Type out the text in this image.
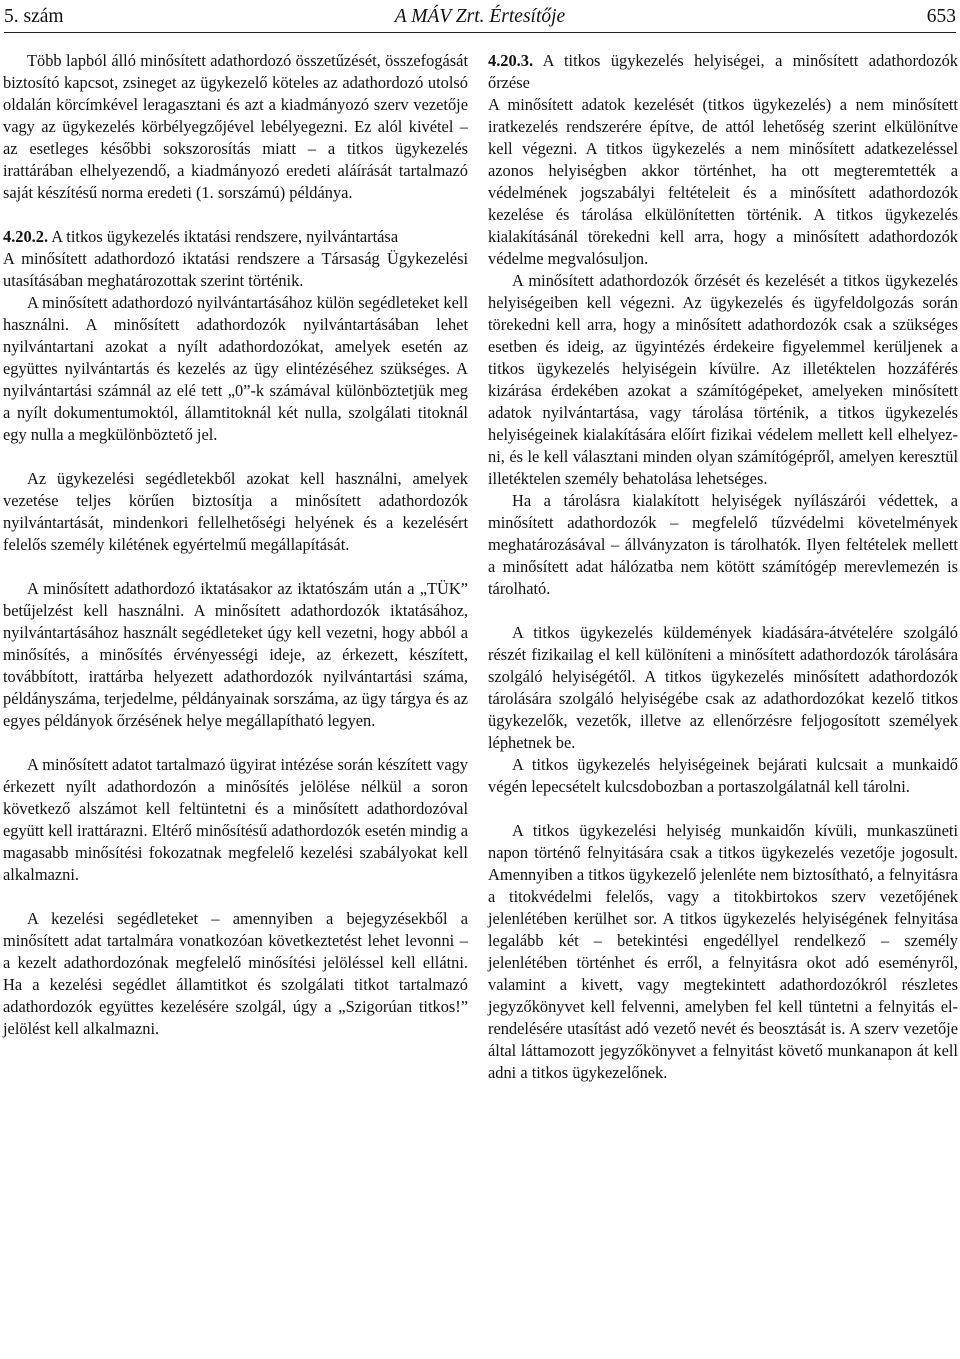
5. szám	A MÁV Zrt. Értesítője	653

Több lapból álló minősített adathordozó összetűzését, összefogását biztosító kapcsot, zsineget az ügykezelő köteles az adathordozó utolsó oldalán körcímkével leragasztani és azt a kiadmányozó szerv vezetője vagy az ügykezelés körbélyegzőjével lebélyegezni. Ez alól kivétel – az esetleges későbbi sokszorosítás miatt – a titkos ügykezelés irattárában elhelyezendő, a kiadmányozó eredeti aláírását tartalmazó saját készítésű norma eredeti (1. sorszámú) példánya.

4.20.2. A titkos ügykezelés iktatási rendszere, nyilvántartása

A minősített adathordozó iktatási rendszere a Társaság Ügykezelési utasításában meghatározottak szerint történik.

A minősített adathordozó nyilvántartásához külön segédleteket kell használni. A minősített adathordozók nyilvántartásában lehet nyilvántartani azokat a nyílt adathordozókat, amelyek esetén az együttes nyilvántartás és kezelés az ügy elintézéséhez szükséges. A nyilvántartási számnál az elé tett „0”-k számával különböztetjük meg a nyílt dokumentumoktól, államtitoknál két nulla, szolgálati titoknál egy nulla a megkülönböztető jel.

Az ügykezelési segédletekből azokat kell használni, amelyek vezetése teljes körűen biztosítja a minősített adathordozók nyilvántartását, mindenkori fellelhetőségi helyének és a kezelésért felelős személy kilétének egyértelmű megállapítását.

A minősített adathordozó iktatásakor az iktatószám után a „TÜK” betűjelzést kell használni. A minősített adathordozók iktatásához, nyilvántartásához használt segédleteket úgy kell vezetni, hogy abból a minősítés, a minősítés érvényességi ideje, az érkezett, készített, továbbított, irattárba helyezett adathordozók nyilvántartási száma, példányszáma, terjedelme, példányainak sorszáma, az ügy tárgya és az egyes példányok őrzésének helye megállapítható legyen.

A minősített adatot tartalmazó ügyirat intézése során készített vagy érkezett nyílt adathordozón a minősítés jelölése nélkül a soron következő alszámot kell feltüntetni és a minősített adathordozóval együtt kell irattárazni. Eltérő minősítésű adathordozók esetén mindig a magasabb minősítési fokozatnak megfelelő kezelési szabályokat kell alkalmazni.

A kezelési segédleteket – amennyiben a bejegyzésekből a minősített adat tartalmára vonatkozóan következtetést lehet levonni – a kezelt adathordozónak megfelelő minősítési jelöléssel kell ellátni. Ha a kezelési segédlet államtitkot és szolgálati titkot tartalmazó adathordozók együttes kezelésére szolgál, úgy a „Szigorúan titkos!” jelölést kell alkalmazni.

4.20.3. A titkos ügykezelés helyiségei, a minősített adathordozók őrzése

A minősített adatok kezelését (titkos ügykezelés) a nem minősített iratkezelés rendszerére építve, de attól lehetőség szerint elkülönítve kell végezni. A titkos ügykezelés a nem minősített adatkezeléssel azonos helyiségben akkor történhet, ha ott megteremtették a védelmének jogszabályi feltételeit és a minősített adathordozók kezelése és tárolása elkülönítetten történik. A titkos ügykezelés kialakításánál törekedni kell arra, hogy a minősített adathordozók védelme megvalósuljon.

A minősített adathordozók őrzését és kezelését a titkos ügykezelés helyiségeiben kell végezni. Az ügykezelés és ügyfeldolgozás során törekedni kell arra, hogy a minősített adathordozók csak a szükséges esetben és ideig, az ügyintézés érdekeire figyelemmel kerüljenek a titkos ügykezelés helyiségein kívülre. Az illetéktelen hozzáférés kizárása érdekében azokat a számítógépeket, amelyeken minősített adatok nyilvántartása, vagy tárolása történik, a titkos ügykezelés helyiségeinek kialakítására előírt fizikai védelem mellett kell elhelyezni, és le kell választani minden olyan számítógépről, amelyen keresztül illetéktelen személy behatolása lehetséges.

Ha a tárolásra kialakított helyiségek nyílászárói védettek, a minősített adathordozók – megfelelő tűzvédelmi követelmények meghatározásával – állványzaton is tárolhatók. Ilyen feltételek mellett a minősített adat hálózatba nem kötött számítógép merevlemezén is tárolható.

A titkos ügykezelés küldemények kiadására-átvételére szolgáló részét fizikailag el kell különíteni a minősített adathordozók tárolására szolgáló helyiségétől. A titkos ügykezelés minősített adathordozók tárolására szolgáló helyiségébe csak az adathordozókat kezelő titkos ügykezelők, vezetők, illetve az ellenőrzésre feljogosított személyek léphetnek be.

A titkos ügykezelés helyiségeinek bejárati kulcsait a munkaidő végén lepecsételt kulcsdobozban a portaszolgálatnál kell tárolni.

A titkos ügykezelési helyiség munkaidőn kívüli, munkaszüneti napon történő felnyitására csak a titkos ügykezelés vezetője jogosult. Amennyiben a titkos ügykezelő jelenléte nem biztosítható, a felnyitásra a titokvédelmi felelős, vagy a titokbirtokos szerv vezetőjének jelenlétében kerülhet sor. A titkos ügykezelés helyiségének felnyitása legalább két – betekintési engedéllyel rendelkező – személy jelenlétében történhet és erről, a felnyitásra okot adó eseményről, valamint a kivett, vagy megtekintett adathordozókról részletes jegyzőkönyvet kell felvenni, amelyben fel kell tüntetni a felnyitás elrendelésére utasítást adó vezető nevét és beosztását is. A szerv vezetője által láttamozott jegyzőkönyvet a felnyitást követő munkanapon át kell adni a titkos ügykezelőnek.
